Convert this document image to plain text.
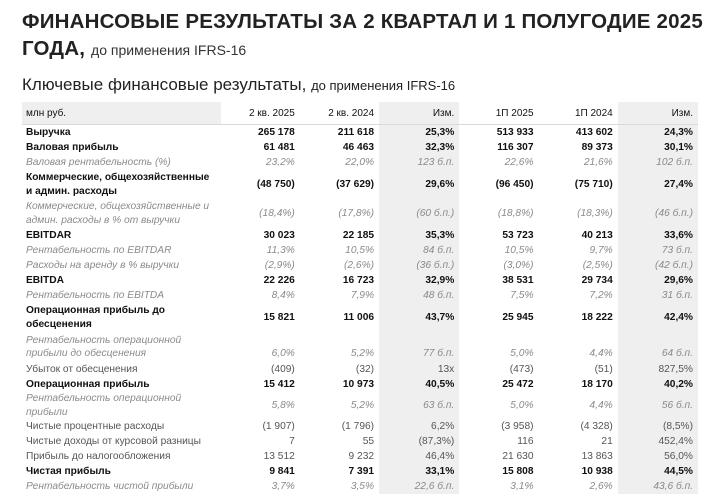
ФИНАНСОВЫЕ РЕЗУЛЬТАТЫ ЗА 2 КВАРТАЛ И 1 ПОЛУГОДИЕ 2025 ГОДА, до применения IFRS-16
Ключевые финансовые результаты, до применения IFRS-16
млн руб.	2 кв. 2025	2 кв. 2024	Изм.	1П 2025	1П 2024	Изм.
Выручка	265 178	211 618	25,3%	513 933	413 602	24,3%
Валовая прибыль	61 481	46 463	32,3%	116 307	89 373	30,1%
Валовая рентабельность (%)	23,2%	22,0%	123 б.п.	22,6%	21,6%	102 б.п.
Коммерческие, общехозяйственные и админ. расходы	(48 750)	(37 629)	29,6%	(96 450)	(75 710)	27,4%
Коммерческие, общехозяйственные и админ. расходы в % от выручки	(18,4%)	(17,8%)	(60 б.п.)	(18,8%)	(18,3%)	(46 б.п.)
EBITDAR	30 023	22 185	35,3%	53 723	40 213	33,6%
Рентабельность по EBITDAR	11,3%	10,5%	84 б.п.	10,5%	9,7%	73 б.п.
Расходы на аренду в % выручки	(2,9%)	(2,6%)	(36 б.п.)	(3,0%)	(2,5%)	(42 б.п.)
EBITDA	22 226	16 723	32,9%	38 531	29 734	29,6%
Рентабельность по EBITDA	8,4%	7,9%	48 б.п.	7,5%	7,2%	31 б.п.
Операционная прибыль до обесценения	15 821	11 006	43,7%	25 945	18 222	42,4%
Рентабельность операционной прибыли до обесценения	6,0%	5,2%	77 б.п.	5,0%	4,4%	64 б.п.
Убыток от обесценения	(409)	(32)	13x	(473)	(51)	827,5%
Операционная прибыль	15 412	10 973	40,5%	25 472	18 170	40,2%
Рентабельность операционной прибыли	5,8%	5,2%	63 б.п.	5,0%	4,4%	56 б.п.
Чистые процентные расходы	(1 907)	(1 796)	6,2%	(3 958)	(4 328)	(8,5%)
Чистые доходы от курсовой разницы	7	55	(87,3%)	116	21	452,4%
Прибыль до налогообложения	13 512	9 232	46,4%	21 630	13 863	56,0%
Чистая прибыль	9 841	7 391	33,1%	15 808	10 938	44,5%
Рентабельность чистой прибыли	3,7%	3,5%	22,6 б.п.	3,1%	2,6%	43,6 б.п.
